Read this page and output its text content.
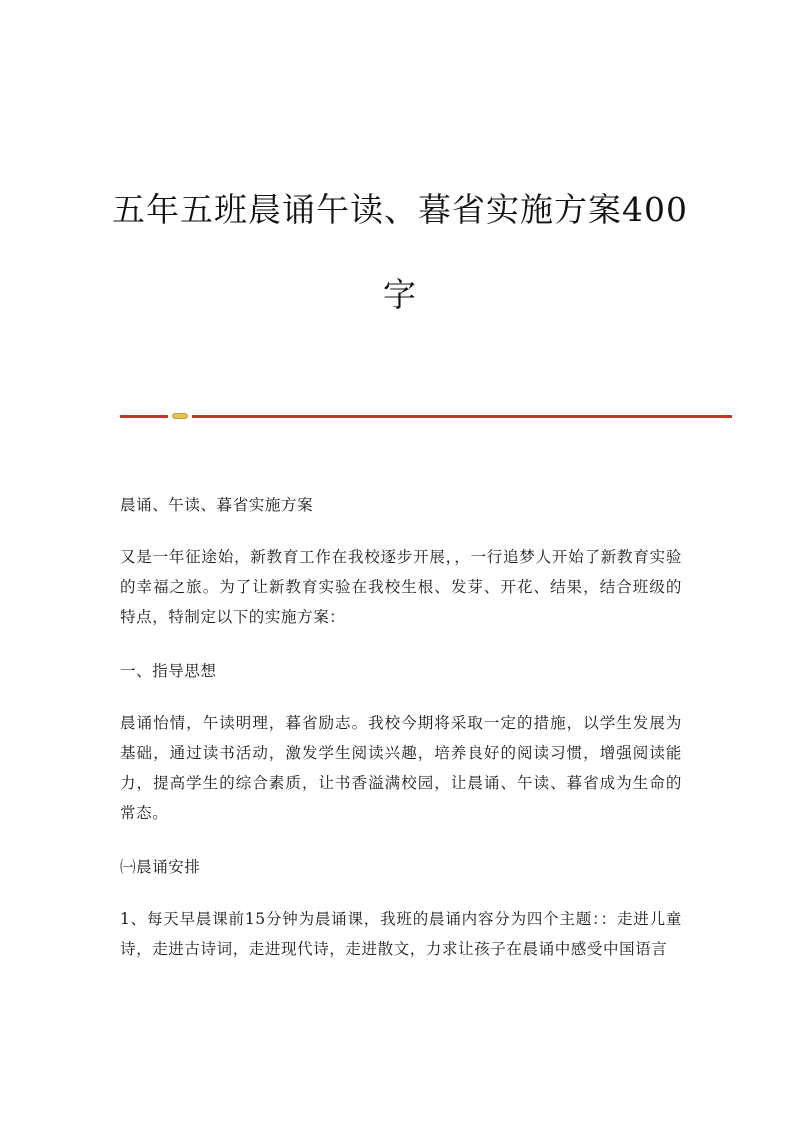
五年五班晨诵午读、暮省实施方案400
字

晨诵、午读、暮省实施方案

又是一年征途始，新教育工作在我校逐步开展，，一行追梦人开始了新教育实验的幸福之旅。为了让新教育实验在我校生根、发芽、开花、结果，结合班级的特点，特制定以下的实施方案：

一、指导思想

晨诵怡情，午读明理，暮省励志。我校今期将采取一定的措施，以学生发展为基础，通过读书活动，激发学生阅读兴趣，培养良好的阅读习惯，增强阅读能力，提高学生的综合素质，让书香溢满校园，让晨诵、午读、暮省成为生命的常态。

㈠晨诵安排

1、每天早晨课前15分钟为晨诵课，我班的晨诵内容分为四个主题：：走进儿童诗，走进古诗词，走进现代诗，走进散文，力求让孩子在晨诵中感受中国语言
